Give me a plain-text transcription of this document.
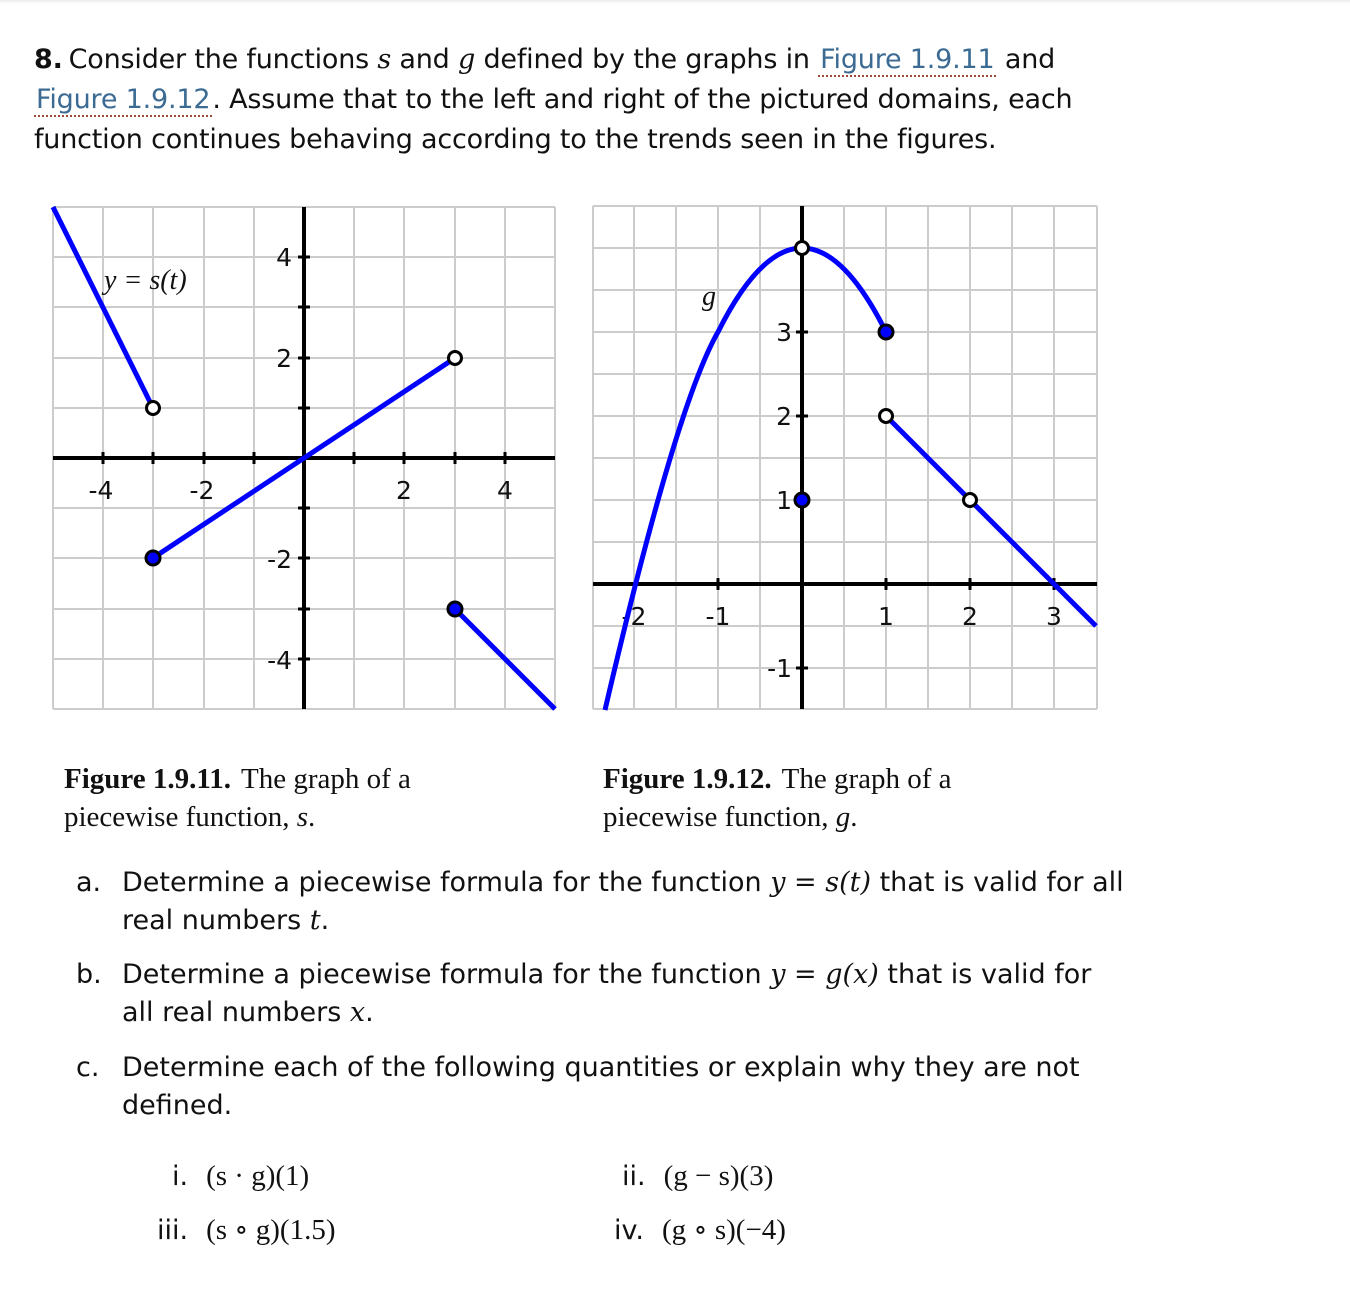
8. Consider the functions s and g defined by the graphs in Figure 1.9.11 and
Figure 1.9.12. Assume that to the left and right of the pictured domains, each function continues behaving according to the trends seen in the figures.
-4	-2	2	4
4
2
-2
-4
y = s(t)
-2 -1	1	2	3
3
2
1
-1
g
Figure 1.9.11. The graph of a
piecewise function, s.
Figure 1.9.12. The graph of a
piecewise function, g.
a. Determine a piecewise formula for the function y = s(t) that is valid for all real numbers t.
b. Determine a piecewise formula for the function y = g(x) that is valid for all real numbers x.
c. Determine each of the following quantities or explain why they are not defined.
i. (s · g)(1)	ii. (g − s)(3)
iii. (s ∘ g)(1.5)	iv. (g ∘ s)(−4)
